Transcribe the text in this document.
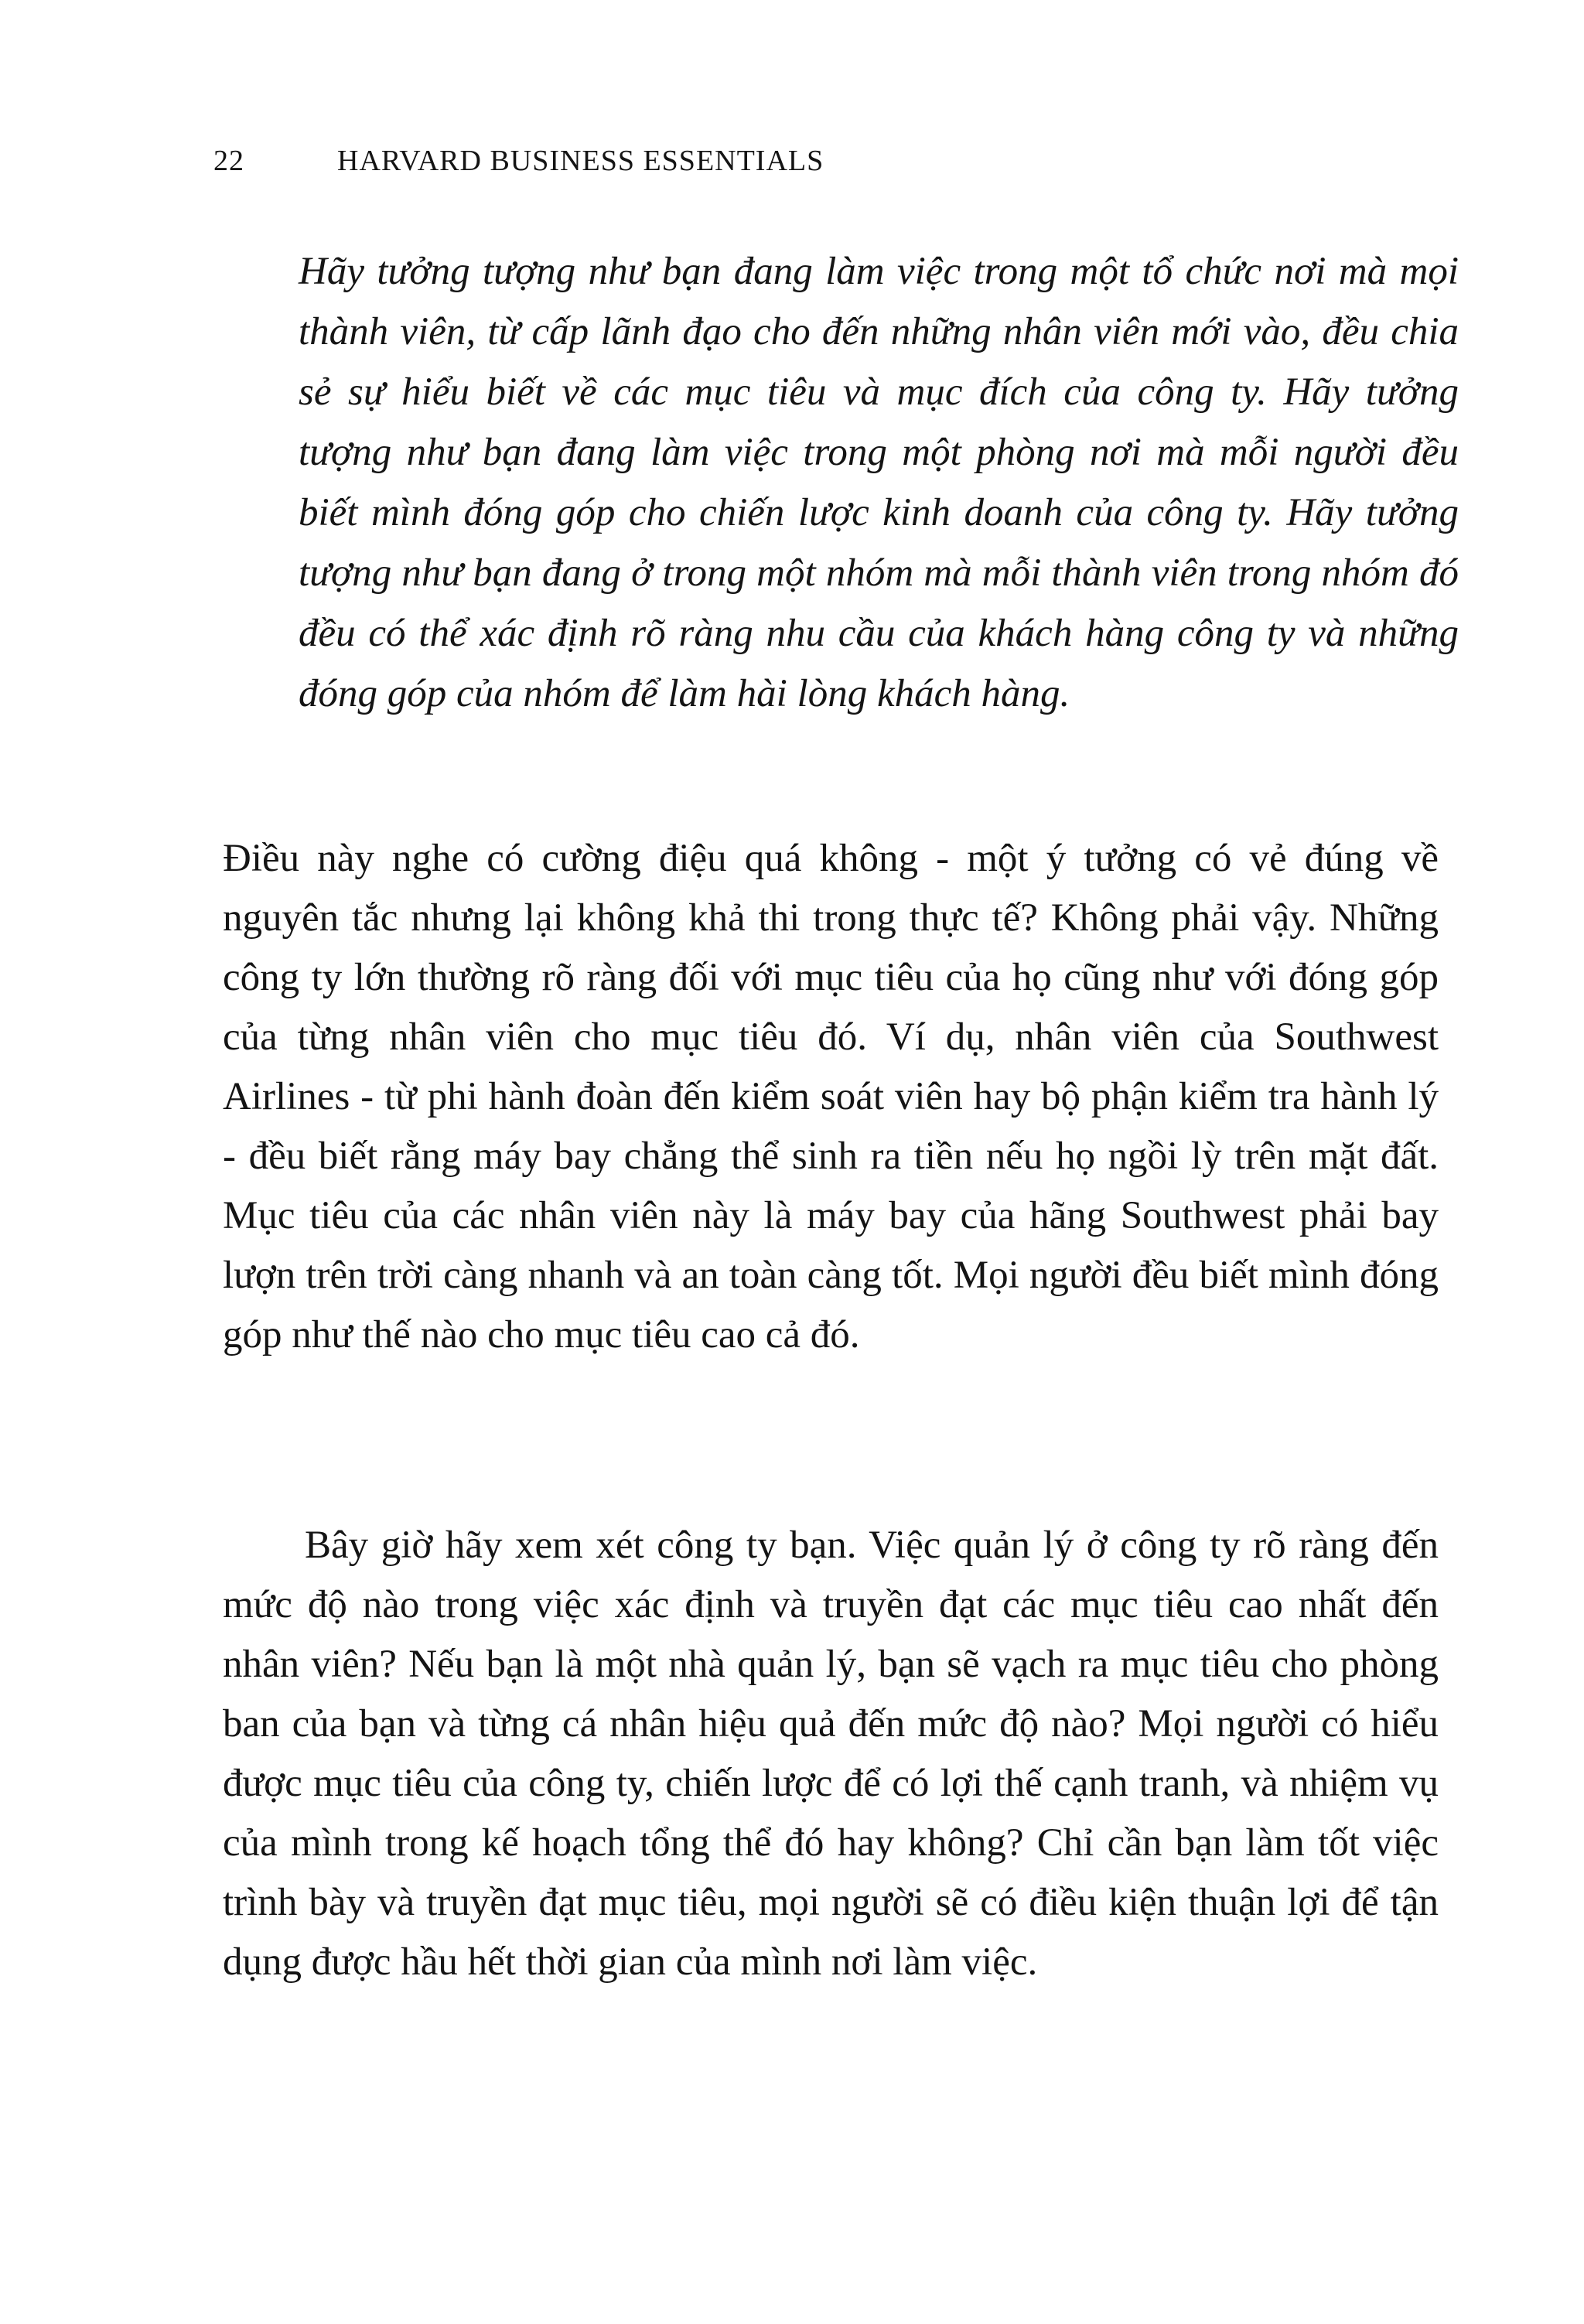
22	HARVARD BUSINESS ESSENTIALS
Hãy tưởng tượng như bạn đang làm việc trong một tổ chức nơi mà mọi thành viên, từ cấp lãnh đạo cho đến những nhân viên mới vào, đều chia sẻ sự hiểu biết về các mục tiêu và mục đích của công ty. Hãy tưởng tượng như bạn đang làm việc trong một phòng nơi mà mỗi người đều biết mình đóng góp cho chiến lược kinh doanh của công ty. Hãy tưởng tượng như bạn đang ở trong một nhóm mà mỗi thành viên trong nhóm đó đều có thể xác định rõ ràng nhu cầu của khách hàng công ty và những đóng góp của nhóm để làm hài lòng khách hàng.
Điều này nghe có cường điệu quá không - một ý tưởng có vẻ đúng về nguyên tắc nhưng lại không khả thi trong thực tế? Không phải vậy. Những công ty lớn thường rõ ràng đối với mục tiêu của họ cũng như với đóng góp của từng nhân viên cho mục tiêu đó. Ví dụ, nhân viên của Southwest Airlines - từ phi hành đoàn đến kiểm soát viên hay bộ phận kiểm tra hành lý - đều biết rằng máy bay chẳng thể sinh ra tiền nếu họ ngồi lỳ trên mặt đất. Mục tiêu của các nhân viên này là máy bay của hãng Southwest phải bay lượn trên trời càng nhanh và an toàn càng tốt. Mọi người đều biết mình đóng góp như thế nào cho mục tiêu cao cả đó.
Bây giờ hãy xem xét công ty bạn. Việc quản lý ở công ty rõ ràng đến mức độ nào trong việc xác định và truyền đạt các mục tiêu cao nhất đến nhân viên? Nếu bạn là một nhà quản lý, bạn sẽ vạch ra mục tiêu cho phòng ban của bạn và từng cá nhân hiệu quả đến mức độ nào? Mọi người có hiểu được mục tiêu của công ty, chiến lược để có lợi thế cạnh tranh, và nhiệm vụ của mình trong kế hoạch tổng thể đó hay không? Chỉ cần bạn làm tốt việc trình bày và truyền đạt mục tiêu, mọi người sẽ có điều kiện thuận lợi để tận dụng được hầu hết thời gian của mình nơi làm việc.
